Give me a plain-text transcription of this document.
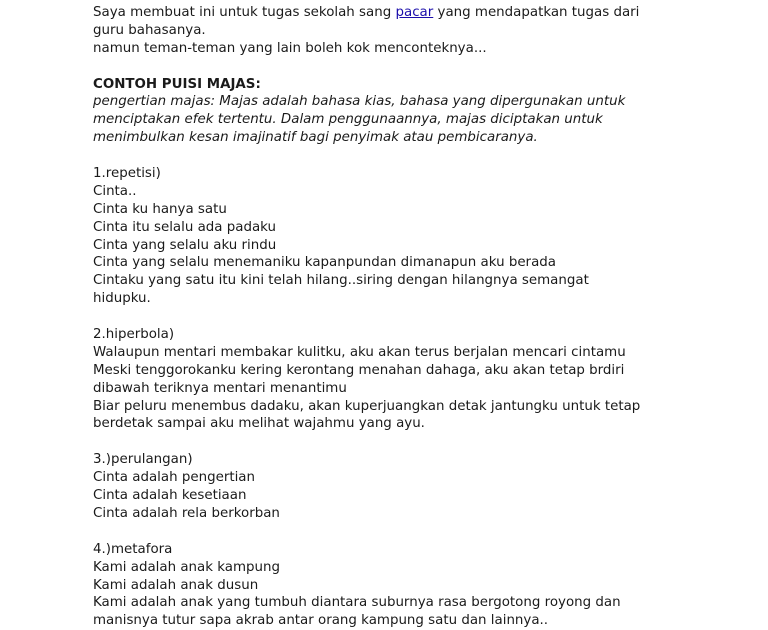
Saya membuat ini untuk tugas sekolah sang pacar yang mendapatkan tugas dari
guru bahasanya.
namun teman-teman yang lain boleh kok menconteknya...
CONTOH PUISI MAJAS:
pengertian majas: Majas adalah bahasa kias, bahasa yang dipergunakan untuk
menciptakan efek tertentu. Dalam penggunaannya, majas diciptakan untuk
menimbulkan kesan imajinatif bagi penyimak atau pembicaranya.
1.repetisi)
Cinta..
Cinta ku hanya satu
Cinta itu selalu ada padaku
Cinta yang selalu aku rindu
Cinta yang selalu menemaniku kapanpundan dimanapun aku berada
Cintaku yang satu itu kini telah hilang..siring dengan hilangnya semangat
hidupku.
2.hiperbola)
Walaupun mentari membakar kulitku, aku akan terus berjalan mencari cintamu
Meski tenggorokanku kering kerontang menahan dahaga, aku akan tetap brdiri
dibawah teriknya mentari menantimu
Biar peluru menembus dadaku, akan kuperjuangkan detak jantungku untuk tetap
berdetak sampai aku melihat wajahmu yang ayu.
3.)perulangan)
Cinta adalah pengertian
Cinta adalah kesetiaan
Cinta adalah rela berkorban
4.)metafora
Kami adalah anak kampung
Kami adalah anak dusun
Kami adalah anak yang tumbuh diantara suburnya rasa bergotong royong dan
manisnya tutur sapa akrab antar orang kampung satu dan lainnya..
